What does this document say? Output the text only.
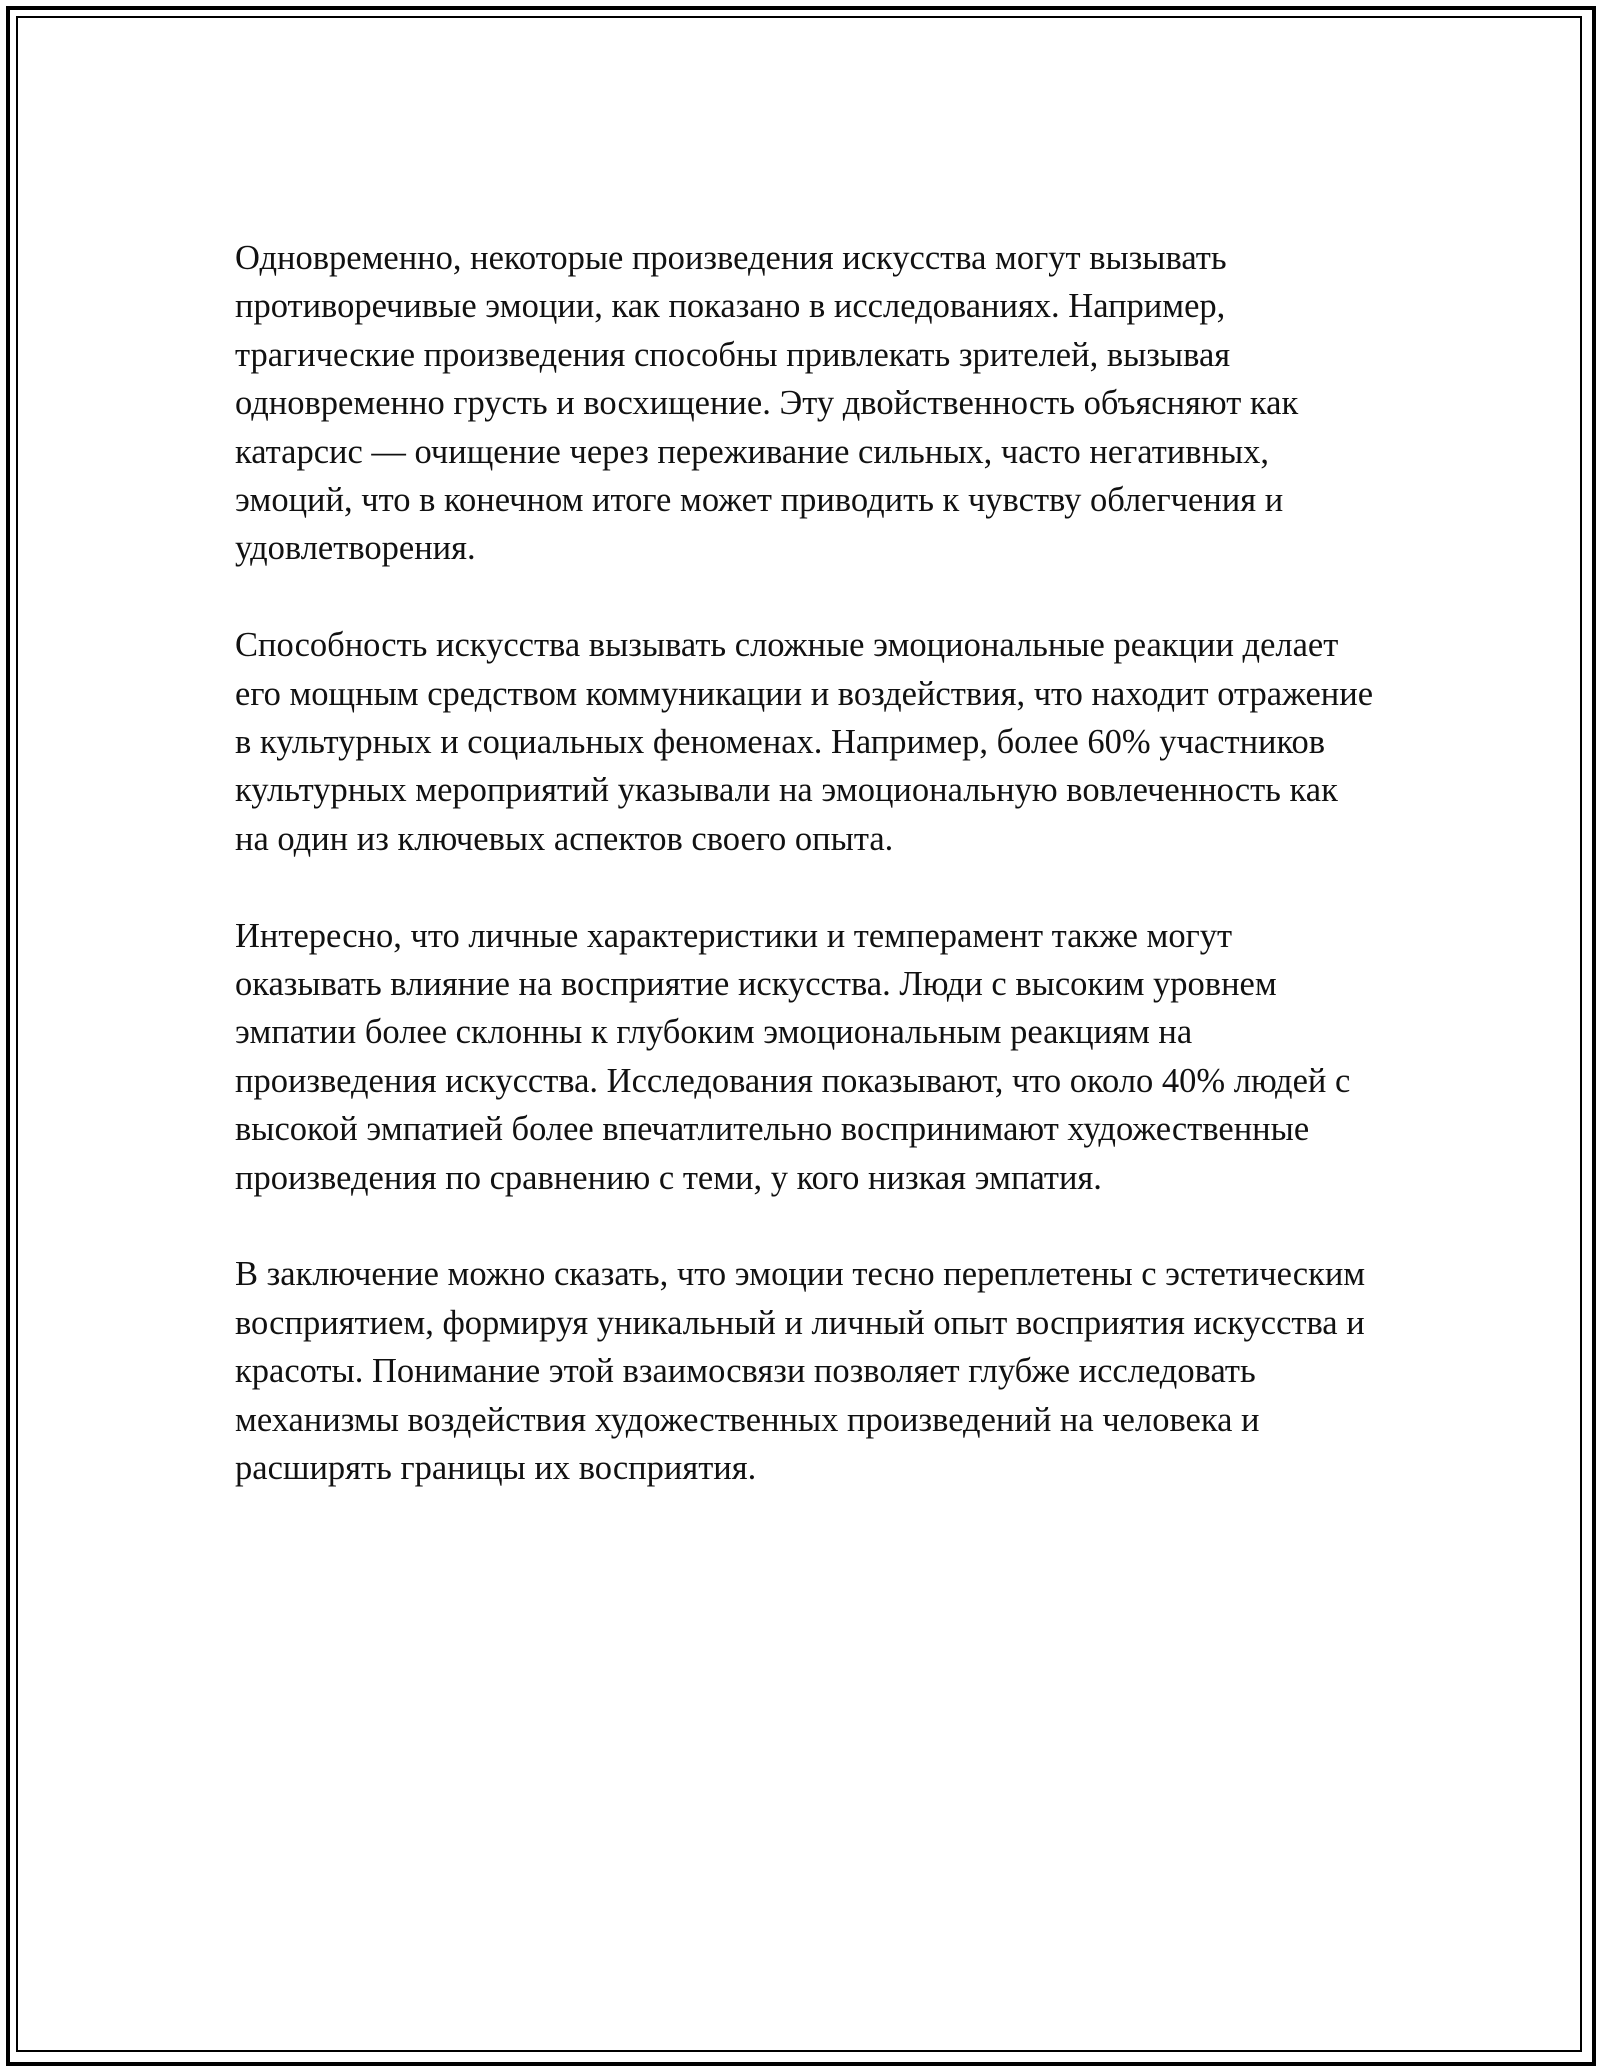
Одновременно, некоторые произведения искусства могут вызывать противоречивые эмоции, как показано в исследованиях. Например, трагические произведения способны привлекать зрителей, вызывая одновременно грусть и восхищение. Эту двойственность объясняют как катарсис — очищение через переживание сильных, часто негативных, эмоций, что в конечном итоге может приводить к чувству облегчения и удовлетворения.

Способность искусства вызывать сложные эмоциональные реакции делает его мощным средством коммуникации и воздействия, что находит отражение в культурных и социальных феноменах. Например, более 60% участников культурных мероприятий указывали на эмоциональную вовлеченность как на один из ключевых аспектов своего опыта.

Интересно, что личные характеристики и темперамент также могут оказывать влияние на восприятие искусства. Люди с высоким уровнем эмпатии более склонны к глубоким эмоциональным реакциям на произведения искусства. Исследования показывают, что около 40% людей с высокой эмпатией более впечатлительно воспринимают художественные произведения по сравнению с теми, у кого низкая эмпатия.

В заключение можно сказать, что эмоции тесно переплетены с эстетическим восприятием, формируя уникальный и личный опыт восприятия искусства и красоты. Понимание этой взаимосвязи позволяет глубже исследовать механизмы воздействия художественных произведений на человека и расширять границы их восприятия.
